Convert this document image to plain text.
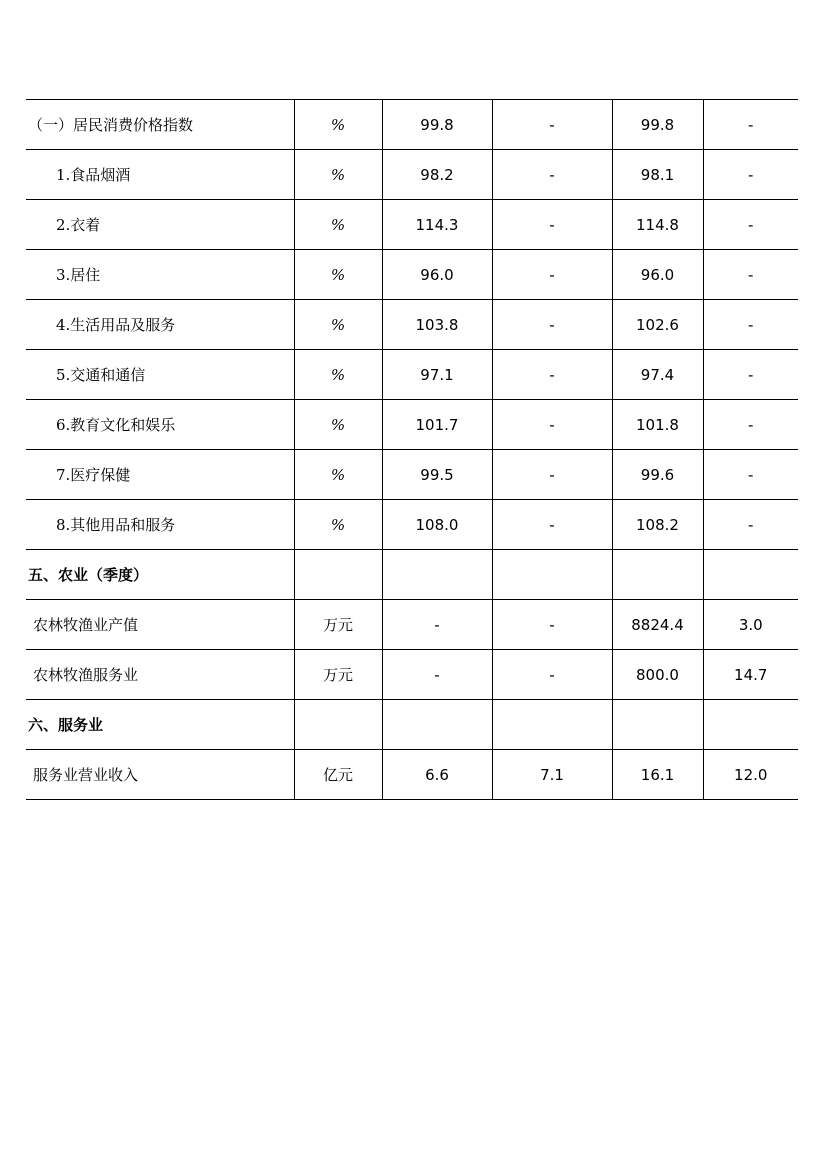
（一）居民消费价格指数	%	99.8	-	99.8	-
1.食品烟酒	%	98.2	-	98.1	-
2.衣着	%	114.3	-	114.8	-
3.居住	%	96.0	-	96.0	-
4.生活用品及服务	%	103.8	-	102.6	-
5.交通和通信	%	97.1	-	97.4	-
6.教育文化和娱乐	%	101.7	-	101.8	-
7.医疗保健	%	99.5	-	99.6	-
8.其他用品和服务	%	108.0	-	108.2	-
五、农业（季度）					
农林牧渔业产值	万元	-	-	8824.4	3.0
农林牧渔服务业	万元	-	-	800.0	14.7
六、服务业					
服务业营业收入	亿元	6.6	7.1	16.1	12.0
